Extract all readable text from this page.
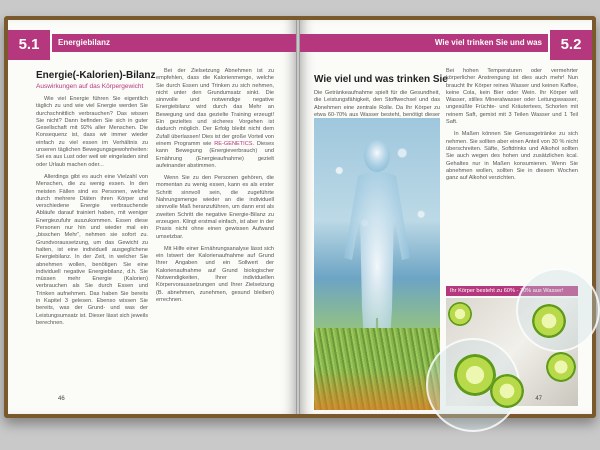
5.1	Energiebilanz
Energie(-Kalorien)-Bilanz
Auswirkungen auf das Körpergewicht

Wie viel Energie führen Sie eigentlich täglich zu und wie viel Energie werden Sie durchschnittlich verbrauchen? Das wissen Sie nicht? Dann befinden Sie sich in guter Gesellschaft mit 92% aller Menschen. Die Konsequenz ist, dass wir immer wieder einfach zu viel essen im Verhältnis zu unseren täglichen Bewegungsgewohnheiten: Sei es aus Lust oder weil wir eingeladen sind oder Urlaub machen oder...

Allerdings gibt es auch eine Vielzahl von Menschen, die zu wenig essen. In den meisten Fällen sind es Personen, welche durch mehrere Diäten ihren Körper und verschiedene Energie verbrauchende Abläufe darauf trainiert haben, mit weniger Energiezufuhr auszukommen. Essen diese Personen nur hin und wieder mal ein „bisschen Mehr“, nehmen sie sofort zu. Grundvoraussetzung, um das Gewicht zu halten, ist eine individuell ausgeglichene Energiebilanz. In der Zeit, in welcher Sie abnehmen wollen, benötigen Sie eine individuell negative Energiebilanz, d.h. Sie müssen mehr Energie (Kalorien) verbrauchen als Sie durch Essen und Trinken aufnehmen. Das haben Sie bereits in Kapitel 3 gelesen. Ebenso wissen Sie bereits, was der Grund- und was der Leistungsumsatz ist. Dieser lässt sich jeweils berechnen.

Bei der Zielsetzung Abnehmen ist zu empfehlen, dass die Kalorienmenge, welche Sie durch Essen und Trinken zu sich nehmen, nicht unter den Grundumsatz sinkt. Die sinnvolle und notwendige negative Energiebilanz wird durch das Mehr an Bewegung und das gezielte Training erzeugt! Ein gezieltes und sicheres Vorgehen ist dadurch möglich. Der Erfolg bleibt nicht dem Zufall überlassen! Dies ist der große Vorteil von einem Programm wie RE-GENETICS. Dieses kann Bewegung (Energieverbrauch) und Ernährung (Energieaufnahme) gezielt aufeinander abstimmen.

Wenn Sie zu den Personen gehören, die momentan zu wenig essen, kann es als erster Schritt sinnvoll sein, die zugeführte Nahrungsmenge wieder an die individuell sinnvolle Maß heranzuführen, um dann erst als zweiten Schritt die negative Energie-Bilanz zu erzeugen. Klingt erstmal einfach, ist aber in der Praxis nicht ohne einen gewissen Aufwand umsetzbar.

Mit Hilfe einer Ernährungsanalyse lässt sich ein Istwert der Kalorienaufnahme auf Grund Ihrer Angaben und ein Sollwert der Kalorienaufnahme auf Grund biologischer Notwendigkeiten, Ihrer individuellen Körpervoraussetzungen und Ihrer Zielsetzung (B. abnehmen, zunehmen, gesund bleiben) errechnen.

46
Wie viel trinken Sie und was	5.2
Wie viel und was trinken Sie

Die Getränkeaufnahme spielt für die Gesundheit, die Leistungsfähigkeit, den Stoffwechsel und das Abnehmen eine zentrale Rolle. Da Ihr Körper zu etwa 60-70% aus Wasser besteht, benötigt dieser

Bei hohen Temperaturen oder vermehrter körperlicher Anstrengung ist dies auch mehr! Nun braucht Ihr Körper reines Wasser und keinen Kaffee, keine Cola, kein Bier oder Wein. Ihr Körper will Wasser, stilles Mineralwasser oder Leitungswasser, ungesüßte Früchte- und Kräutertees, Schorlen mit reinem Saft, gemixt mit 3 Teilen Wasser und 1 Teil Saft.

In Maßen können Sie Genussgetränke zu sich nehmen. Sie sollten aber einen Anteil von 30 % nicht überschreiten. Säfte, Softdrinks und Alkohol sollten Sie auch wegen des hohen und zusätzlichen kcal. Gehaltes nur in Maßen konsumieren. Wenn Sie abnehmen wollen, sollten Sie in diesem Wochen ganz auf Alkohol verzichten.

Ihr Körper besteht zu 60% - 70% aus Wasser!
47
